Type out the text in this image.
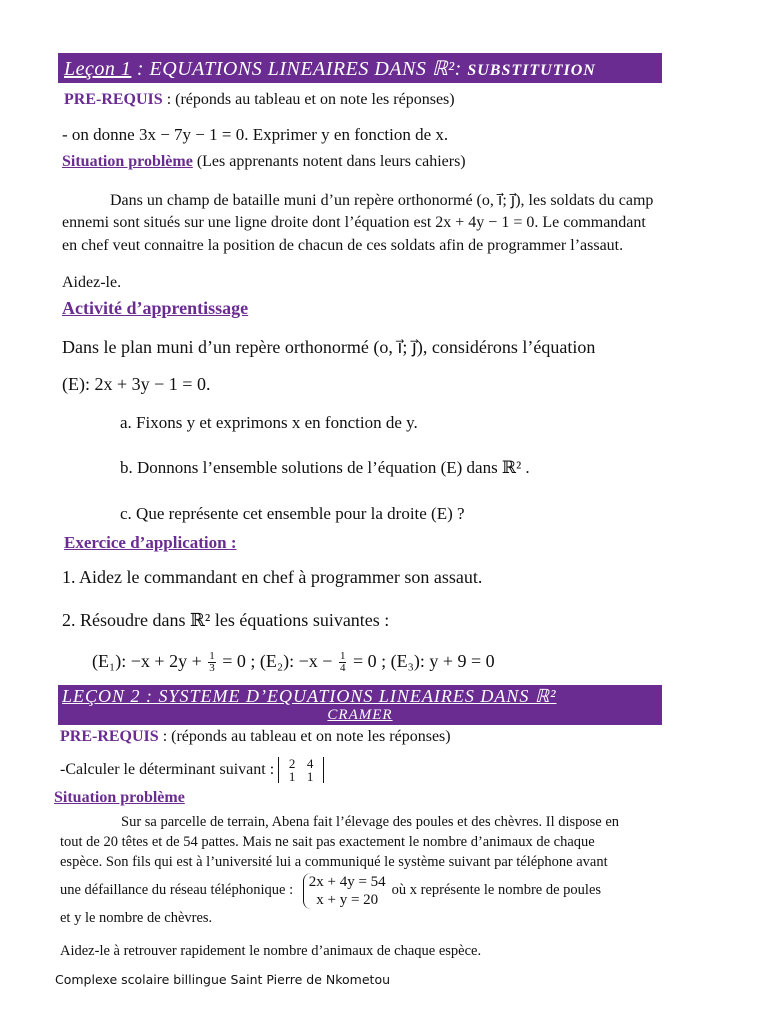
Leçon 1 : EQUATIONS LINEAIRES DANS ℝ²: SUBSTITUTION
PRE-REQUIS : (réponds au tableau et on note les réponses)
- on donne 3x − 7y − 1 = 0. Exprimer y en fonction de x.
Situation problème (Les apprenants notent dans leurs cahiers)
Dans un champ de bataille muni d’un repère orthonormé (o, i⃗; j⃗), les soldats du camp
ennemi sont situés sur une ligne droite dont l’équation est 2x + 4y − 1 = 0. Le commandant
en chef veut connaitre la position de chacun de ces soldats afin de programmer l’assaut.
Aidez-le.
Activité d’apprentissage
Dans le plan muni d’un repère orthonormé (o, i⃗; j⃗), considérons l’équation
(E): 2x + 3y − 1 = 0.
a. Fixons y et exprimons x en fonction de y.
b. Donnons l’ensemble solutions de l’équation (E) dans ℝ² .
c. Que représente cet ensemble pour la droite (E) ?
Exercice d’application :
1. Aidez le commandant en chef à programmer son assaut.
2. Résoudre dans ℝ² les équations suivantes :
(E₁): $-x + 2y + \frac{1}{3} = 0$ ; (E₂): $-x - \frac{1}{4} = 0$ ; (E₃): y + 9 = 0
LEÇON 2 : SYSTEME D’EQUATIONS LINEAIRES DANS ℝ²
CRAMER
PRE-REQUIS : (réponds au tableau et on note les réponses)
-Calculer le déterminant suivant : 2 4
1 1
Situation problème
Sur sa parcelle de terrain, Abena fait l’élevage des poules et des chèvres. Il dispose en
tout de 20 têtes et de 54 pattes. Mais ne sait pas exactement le nombre d’animaux de chaque
espèce. Son fils qui est à l’université lui a communiqué le système suivant par téléphone avant
une défaillance du réseau téléphonique : 2x + 4y = 54
x + y = 20où x représente le nombre de poules
et y le nombre de chèvres.
Aidez-le à retrouver rapidement le nombre d’animaux de chaque espèce.
Complexe scolaire billingue Saint Pierre de Nkometou
